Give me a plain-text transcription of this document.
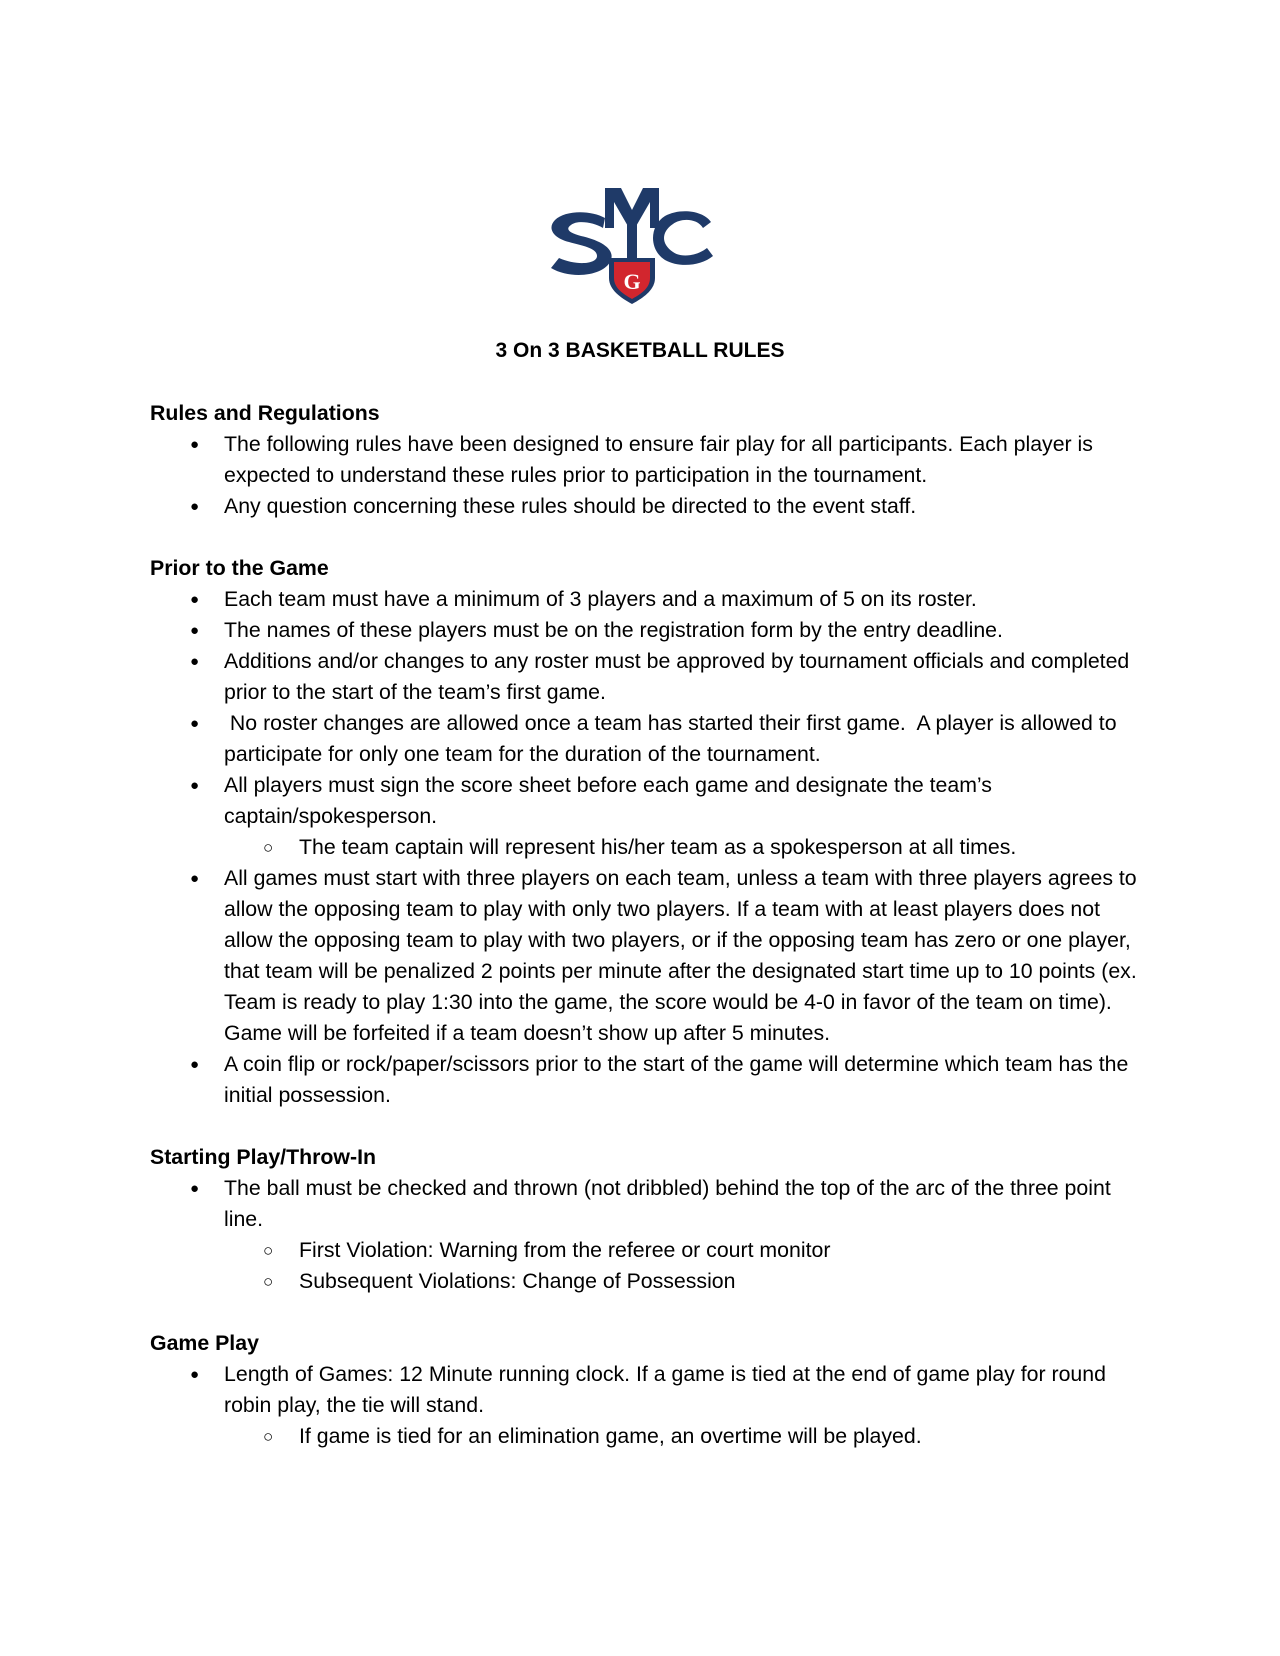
G
3 On 3 BASKETBALL RULES

Rules and Regulations

● The following rules have been designed to ensure fair play for all participants. Each player is expected to understand these rules prior to participation in the tournament.
● Any question concerning these rules should be directed to the event staff.

Prior to the Game

● Each team must have a minimum of 3 players and a maximum of 5 on its roster.
● The names of these players must be on the registration form by the entry deadline.
● Additions and/or changes to any roster must be approved by tournament officials and completed prior to the start of the team’s first game.
● No roster changes are allowed once a team has started their first game.  A player is allowed to participate for only one team for the duration of the tournament.
● All players must sign the score sheet before each game and designate the team’s captain/spokesperson.
○ The team captain will represent his/her team as a spokesperson at all times.
● All games must start with three players on each team, unless a team with three players agrees to allow the opposing team to play with only two players. If a team with at least players does not allow the opposing team to play with two players, or if the opposing team has zero or one player, that team will be penalized 2 points per minute after the designated start time up to 10 points (ex. Team is ready to play 1:30 into the game, the score would be 4-0 in favor of the team on time). Game will be forfeited if a team doesn’t show up after 5 minutes.
● A coin flip or rock/paper/scissors prior to the start of the game will determine which team has the initial possession.

Starting Play/Throw-In

● The ball must be checked and thrown (not dribbled) behind the top of the arc of the three point line.
○ First Violation: Warning from the referee or court monitor
○ Subsequent Violations: Change of Possession

Game Play

● Length of Games: 12 Minute running clock. If a game is tied at the end of game play for round robin play, the tie will stand.
○ If game is tied for an elimination game, an overtime will be played.
